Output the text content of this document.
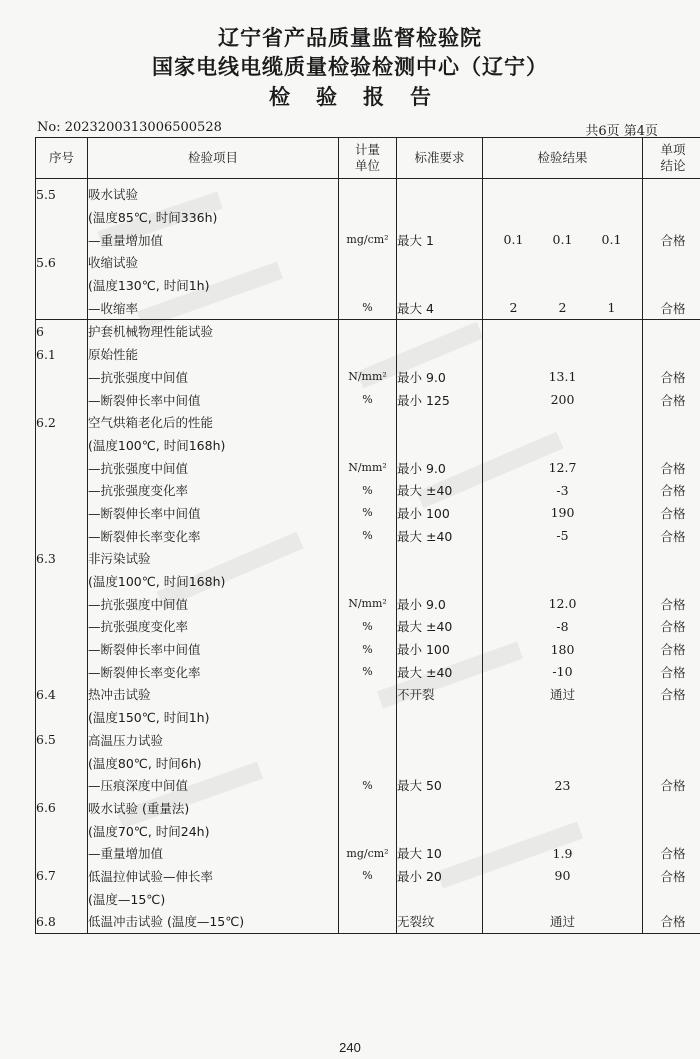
辽宁省产品质量监督检验院
国家电线电缆质量检验检测中心（辽宁）
检验报告
No: 2023200313006500528	共6页 第4页
序号	检验项目	计量单位	标准要求	检验结果	单项结论

5.5	吸水试验				
	(温度85℃, 时间336h)				
	—重量增加值	mg/cm²	最大 1	0.1 0.1 0.1	合格
5.6	收缩试验				
	(温度130℃, 时间1h)				
	—收缩率	%	最大 4	2 2 1	合格
6	护套机械物理性能试验				
6.1	原始性能				
	—抗张强度中间值	N/mm²	最小 9.0	13.1	合格
	—断裂伸长率中间值	%	最小 125	200	合格
6.2	空气烘箱老化后的性能				
	(温度100℃, 时间168h)				
	—抗张强度中间值	N/mm²	最小 9.0	12.7	合格
	—抗张强度变化率	%	最大 ±40	-3	合格
	—断裂伸长率中间值	%	最小 100	190	合格
	—断裂伸长率变化率	%	最大 ±40	-5	合格
6.3	非污染试验				
	(温度100℃, 时间168h)				
	—抗张强度中间值	N/mm²	最小 9.0	12.0	合格
	—抗张强度变化率	%	最大 ±40	-8	合格
	—断裂伸长率中间值	%	最小 100	180	合格
	—断裂伸长率变化率	%	最大 ±40	-10	合格
6.4	热冲击试验		不开裂	通过	合格
	(温度150℃, 时间1h)				
6.5	高温压力试验				
	(温度80℃, 时间6h)				
	—压痕深度中间值	%	最大 50	23	合格
6.6	吸水试验 (重量法)				
	(温度70℃, 时间24h)				
	—重量增加值	mg/cm²	最大 10	1.9	合格
6.7	低温拉伸试验—伸长率	%	最小 20	90	合格
	(温度—15℃)				
6.8	低温冲击试验 (温度—15℃)		无裂纹	通过	合格
240
